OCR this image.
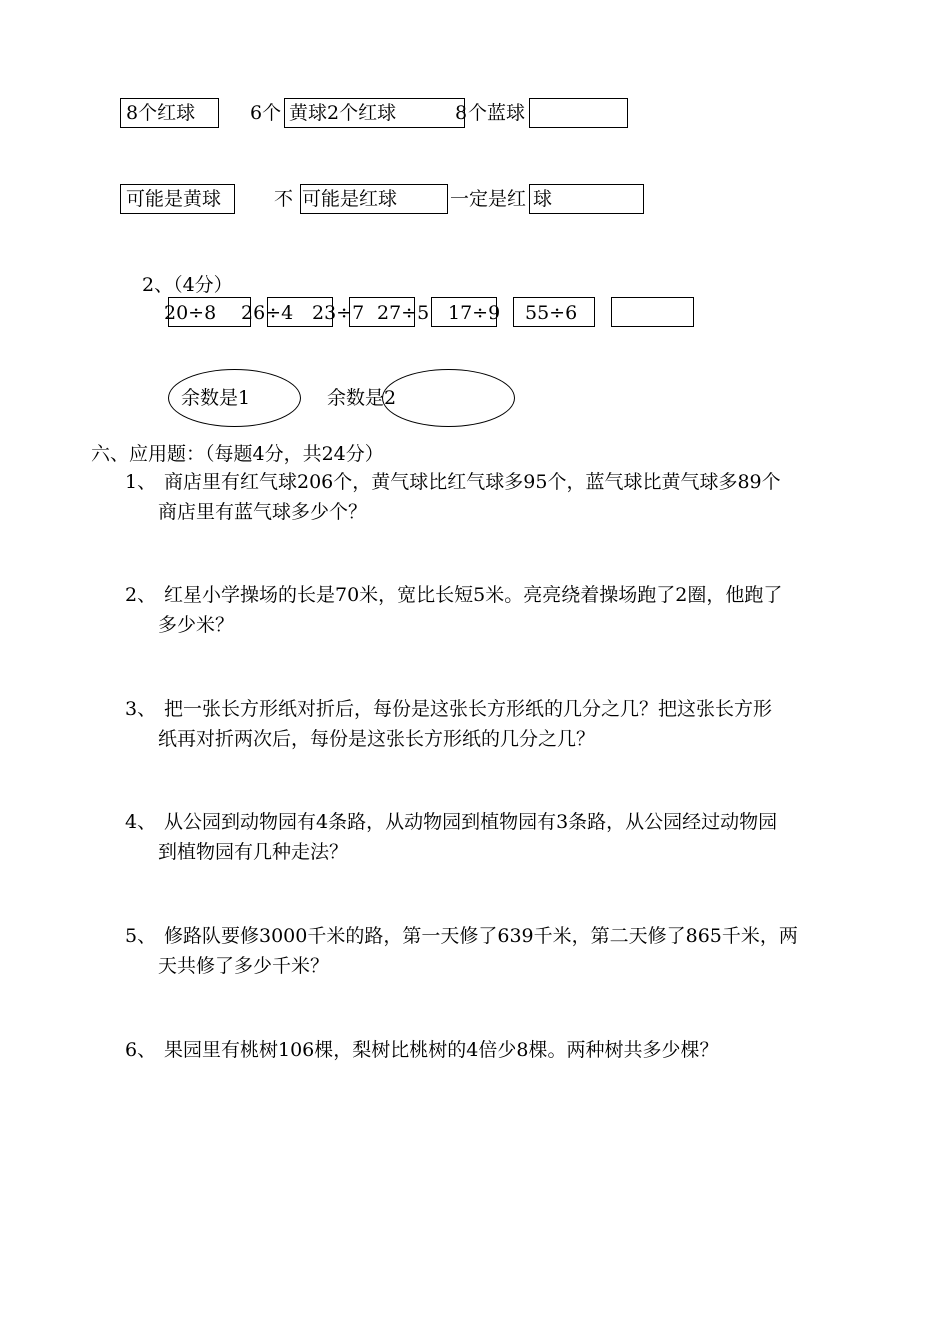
8个红球	6个 黄球2个红球	8 个蓝球
可能是黄球	不 可能是红球	一定是红 球
2、（4分）
20÷8 26÷4 23÷7 27÷5 17÷9 55÷6
余数是1	余数是2
六、应用题：（每题4分，共24分）
1、 商店里有红气球206个，黄气球比红气球多95个，蓝气球比黄气球多89个
商店里有蓝气球多少个？
2、 红星小学操场的长是70米，宽比长短5米。亮亮绕着操场跑了2圈，他跑了
多少米？
3、 把一张长方形纸对折后，每份是这张长方形纸的几分之几？把这张长方形
纸再对折两次后，每份是这张长方形纸的几分之几？
4、 从公园到动物园有4条路，从动物园到植物园有3条路，从公园经过动物园
到植物园有几种走法？
5、 修路队要修3000千米的路，第一天修了639千米，第二天修了865千米，两
天共修了多少千米？
6、 果园里有桃树106棵，梨树比桃树的4倍少8棵。两种树共多少棵？
